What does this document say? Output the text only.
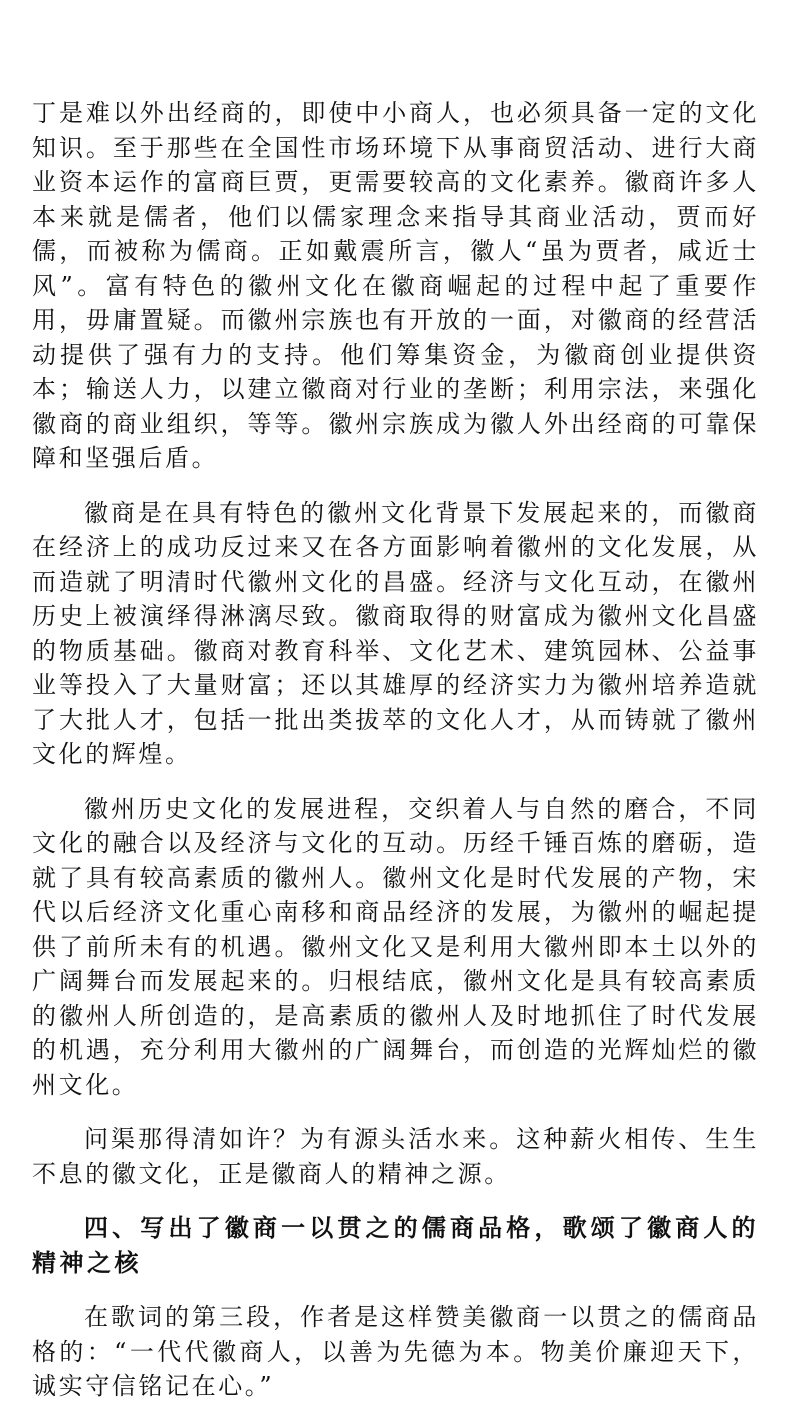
丁是难以外出经商的，即使中小商人，也必须具备一定的文化知识。至于那些在全国性市场环境下从事商贸活动、进行大商业资本运作的富商巨贾，更需要较高的文化素养。徽商许多人本来就是儒者，他们以儒家理念来指导其商业活动，贾而好儒，而被称为儒商。正如戴震所言，徽人“虽为贾者，咸近士风”。富有特色的徽州文化在徽商崛起的过程中起了重要作用，毋庸置疑。而徽州宗族也有开放的一面，对徽商的经营活动提供了强有力的支持。他们筹集资金，为徽商创业提供资本；输送人力，以建立徽商对行业的垄断；利用宗法，来强化徽商的商业组织，等等。徽州宗族成为徽人外出经商的可靠保障和坚强后盾。

徽商是在具有特色的徽州文化背景下发展起来的，而徽商在经济上的成功反过来又在各方面影响着徽州的文化发展，从而造就了明清时代徽州文化的昌盛。经济与文化互动，在徽州历史上被演绎得淋漓尽致。徽商取得的财富成为徽州文化昌盛的物质基础。徽商对教育科举、文化艺术、建筑园林、公益事业等投入了大量财富；还以其雄厚的经济实力为徽州培养造就了大批人才，包括一批出类拔萃的文化人才，从而铸就了徽州文化的辉煌。

徽州历史文化的发展进程，交织着人与自然的磨合，不同文化的融合以及经济与文化的互动。历经千锤百炼的磨砺，造就了具有较高素质的徽州人。徽州文化是时代发展的产物，宋代以后经济文化重心南移和商品经济的发展，为徽州的崛起提供了前所未有的机遇。徽州文化又是利用大徽州即本土以外的广阔舞台而发展起来的。归根结底，徽州文化是具有较高素质的徽州人所创造的，是高素质的徽州人及时地抓住了时代发展的机遇，充分利用大徽州的广阔舞台，而创造的光辉灿烂的徽州文化。

问渠那得清如许？为有源头活水来。这种薪火相传、生生不息的徽文化，正是徽商人的精神之源。

四、写出了徽商一以贯之的儒商品格，歌颂了徽商人的精神之核

在歌词的第三段，作者是这样赞美徽商一以贯之的儒商品格的：“一代代徽商人，以善为先德为本。物美价廉迎天下，诚实守信铭记在心。”
